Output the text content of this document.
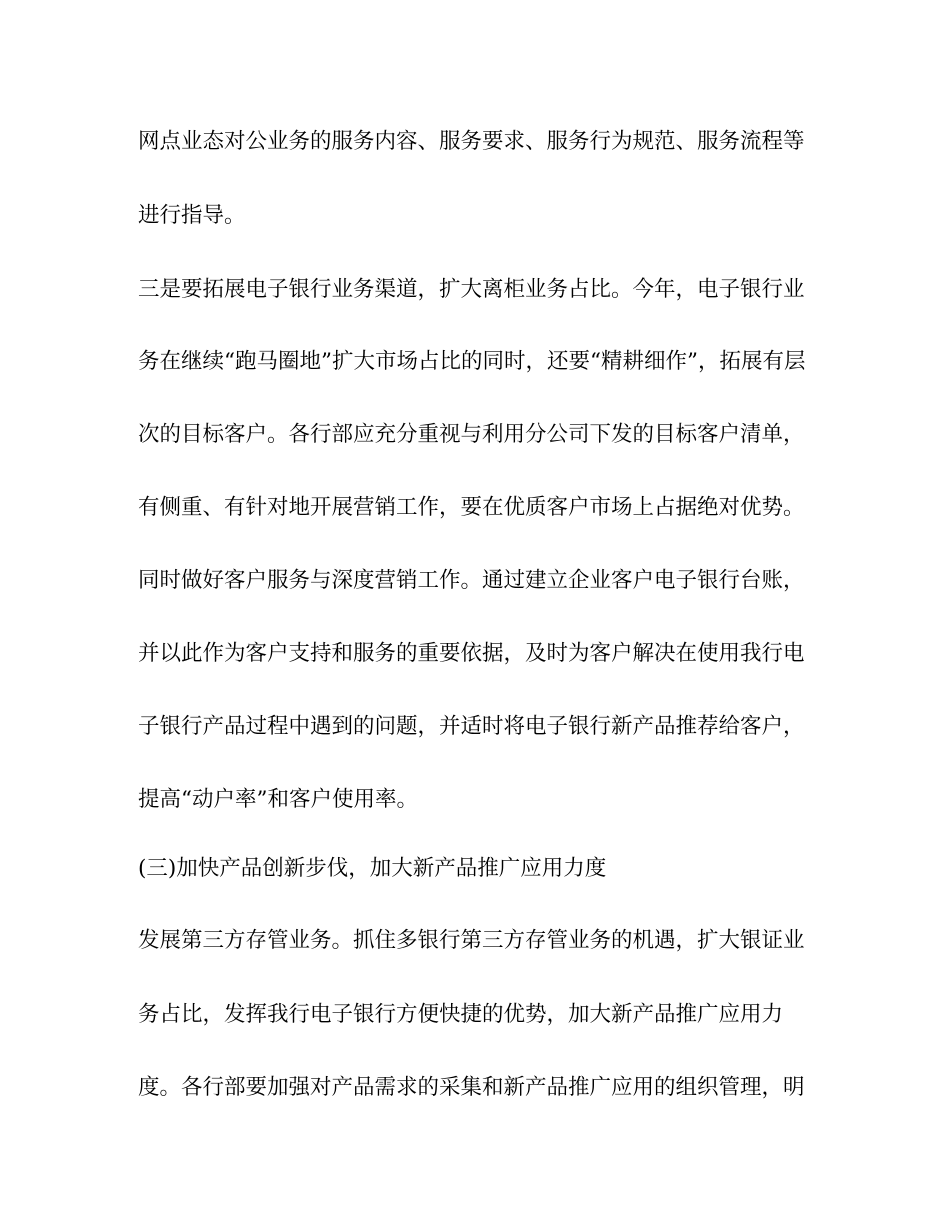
网点业态对公业务的服务内容、服务要求、服务行为规范、服务流程等
进行指导。
三是要拓展电子银行业务渠道，扩大离柜业务占比。今年，电子银行业
务在继续“跑马圈地”扩大市场占比的同时，还要“精耕细作”，拓展有层
次的目标客户。各行部应充分重视与利用分公司下发的目标客户清单，
有侧重、有针对地开展营销工作，要在优质客户市场上占据绝对优势。
同时做好客户服务与深度营销工作。通过建立企业客户电子银行台账，
并以此作为客户支持和服务的重要依据，及时为客户解决在使用我行电
子银行产品过程中遇到的问题，并适时将电子银行新产品推荐给客户，
提高“动户率”和客户使用率。
(三)加快产品创新步伐，加大新产品推广应用力度
发展第三方存管业务。抓住多银行第三方存管业务的机遇，扩大银证业
务占比，发挥我行电子银行方便快捷的优势，加大新产品推广应用力
度。各行部要加强对产品需求的采集和新产品推广应用的组织管理，明
